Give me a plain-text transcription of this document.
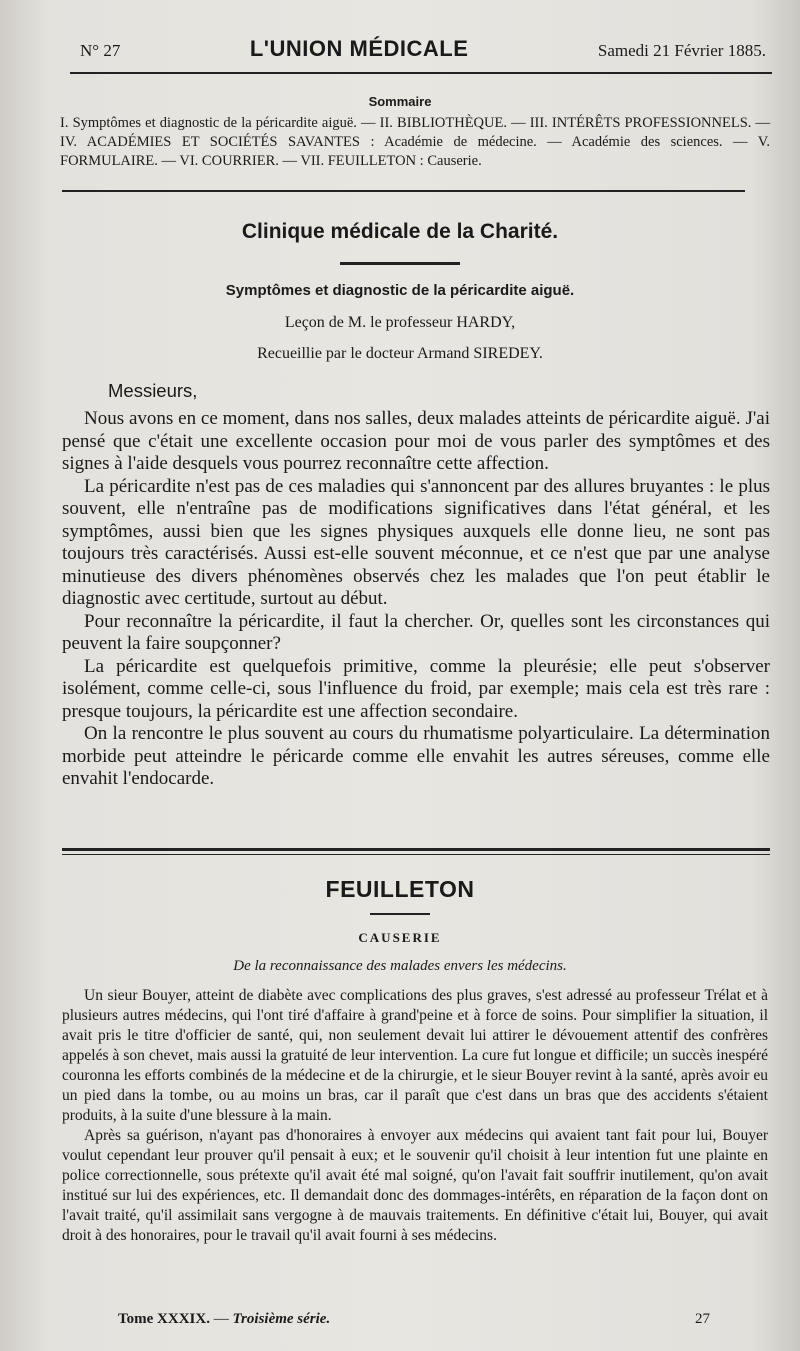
N° 27	L'UNION MÉDICALE	Samedi 21 Février 1885.
Sommaire
I. Symptômes et diagnostic de la péricardite aiguë. — II. BIBLIOTHÈQUE. — III. INTÉRÊTS PROFESSIONNELS. — IV. ACADÉMIES ET SOCIÉTÉS SAVANTES : Académie de médecine. — Académie des sciences. — V. FORMULAIRE. — VI. COURRIER. — VII. FEUILLETON : Causerie.
Clinique médicale de la Charité.
Symptômes et diagnostic de la péricardite aiguë.
Leçon de M. le professeur HARDY,
Recueillie par le docteur Armand SIREDEY.
Messieurs,

Nous avons en ce moment, dans nos salles, deux malades atteints de péricardite aiguë. J'ai pensé que c'était une excellente occasion pour moi de vous parler des symptômes et des signes à l'aide desquels vous pourrez reconnaître cette affection.

La péricardite n'est pas de ces maladies qui s'annoncent par des allures bruyantes : le plus souvent, elle n'entraîne pas de modifications significatives dans l'état général, et les symptômes, aussi bien que les signes physiques auxquels elle donne lieu, ne sont pas toujours très caractérisés. Aussi est-elle souvent méconnue, et ce n'est que par une analyse minutieuse des divers phénomènes observés chez les malades que l'on peut établir le diagnostic avec certitude, surtout au début.

Pour reconnaître la péricardite, il faut la chercher. Or, quelles sont les circonstances qui peuvent la faire soupçonner?

La péricardite est quelquefois primitive, comme la pleurésie; elle peut s'observer isolément, comme celle-ci, sous l'influence du froid, par exemple; mais cela est très rare : presque toujours, la péricardite est une affection secondaire.

On la rencontre le plus souvent au cours du rhumatisme polyarticulaire. La détermination morbide peut atteindre le péricarde comme elle envahit les autres séreuses, comme elle envahit l'endocarde.

FEUILLETON
CAUSERIE
De la reconnaissance des malades envers les médecins.

Un sieur Bouyer, atteint de diabète avec complications des plus graves, s'est adressé au professeur Trélat et à plusieurs autres médecins, qui l'ont tiré d'affaire à grand'peine et à force de soins. Pour simplifier la situation, il avait pris le titre d'officier de santé, qui, non seulement devait lui attirer le dévouement attentif des confrères appelés à son chevet, mais aussi la gratuité de leur intervention. La cure fut longue et difficile; un succès inespéré couronna les efforts combinés de la médecine et de la chirurgie, et le sieur Bouyer revint à la santé, après avoir eu un pied dans la tombe, ou au moins un bras, car il paraît que c'est dans un bras que des accidents s'étaient produits, à la suite d'une blessure à la main.

Après sa guérison, n'ayant pas d'honoraires à envoyer aux médecins qui avaient tant fait pour lui, Bouyer voulut cependant leur prouver qu'il pensait à eux; et le souvenir qu'il choisit à leur intention fut une plainte en police correctionnelle, sous prétexte qu'il avait été mal soigné, qu'on l'avait fait souffrir inutilement, qu'on avait institué sur lui des expériences, etc. Il demandait donc des dommages-intérêts, en réparation de la façon dont on l'avait traité, qu'il assimilait sans vergogne à de mauvais traitements. En définitive c'était lui, Bouyer, qui avait droit à des honoraires, pour le travail qu'il avait fourni à ses médecins.

Tome XXXIX. — Troisième série.	27
